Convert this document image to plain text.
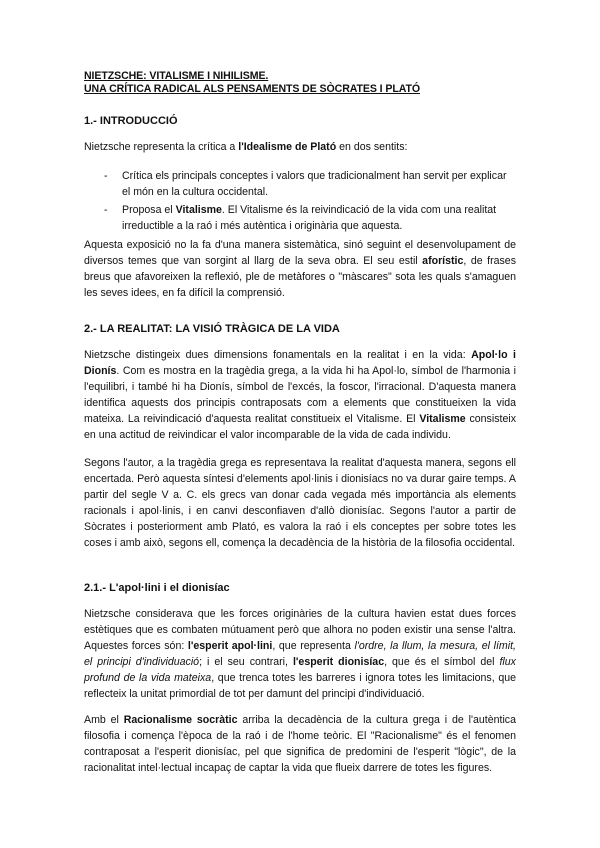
NIETZSCHE: VITALISME I NIHILISME.
UNA CRÍTICA RADICAL ALS PENSAMENTS DE SÒCRATES I PLATÓ
1.- INTRODUCCIÓ
Nietzsche representa la crítica a l'Idealisme de Plató en dos sentits:
- Crítica els principals conceptes i valors que tradicionalment han servit per explicar el món en la cultura occidental.
- Proposa el Vitalisme. El Vitalisme és la reivindicació de la vida com una realitat irreductible a la raó i més autèntica i originària que aquesta.
Aquesta exposició no la fa d'una manera sistemàtica, sinó seguint el desenvolupament de diversos temes que van sorgint al llarg de la seva obra. El seu estil aforístic, de frases breus que afavoreixen la reflexió, ple de metàfores o "màscares" sota les quals s'amaguen les seves idees, en fa difícil la comprensió.
2.- LA REALITAT: LA VISIÓ TRÀGICA DE LA VIDA
Nietzsche distingeix dues dimensions fonamentals en la realitat i en la vida: Apol·lo i Dionís. Com es mostra en la tragèdia grega, a la vida hi ha Apol·lo, símbol de l'harmonia i l'equilibri, i també hi ha Dionís, símbol de l'excés, la foscor, l'irracional. D'aquesta manera identifica aquests dos principis contraposats com a elements que constitueixen la vida mateixa. La reivindicació d'aquesta realitat constitueix el Vitalisme. El Vitalisme consisteix en una actitud de reivindicar el valor incomparable de la vida de cada individu.
Segons l'autor, a la tragèdia grega es representava la realitat d'aquesta manera, segons ell encertada. Però aquesta síntesi d'elements apol·linis i dionisíacs no va durar gaire temps. A partir del segle V a. C. els grecs van donar cada vegada més importància als elements racionals i apol·linis, i en canvi desconfiaven d'allò dionisíac. Segons l'autor a partir de Sòcrates i posteriorment amb Plató, es valora la raó i els conceptes per sobre totes les coses i amb això, segons ell, comença la decadència de la història de la filosofia occidental.
2.1.- L'apol·lini i el dionisíac
Nietzsche considerava que les forces originàries de la cultura havien estat dues forces estètiques que es combaten mútuament però que alhora no poden existir una sense l'altra. Aquestes forces són: l'esperit apol·lini, que representa l'ordre, la llum, la mesura, el límit, el principi d'individuació; i el seu contrari, l'esperit dionisíac, que és el símbol del flux profund de la vida mateixa, que trenca totes les barreres i ignora totes les limitacions, que reflecteix la unitat primordial de tot per damunt del principi d'individuació.
Amb el Racionalisme socràtic arriba la decadència de la cultura grega i de l'autèntica filosofia i comença l'època de la raó i de l'home teòric. El "Racionalisme" és el fenomen contraposat a l'esperit dionisíac, pel que significa de predomini de l'esperit "lògic", de la racionalitat intel·lectual incapaç de captar la vida que flueix darrere de totes les figures.
